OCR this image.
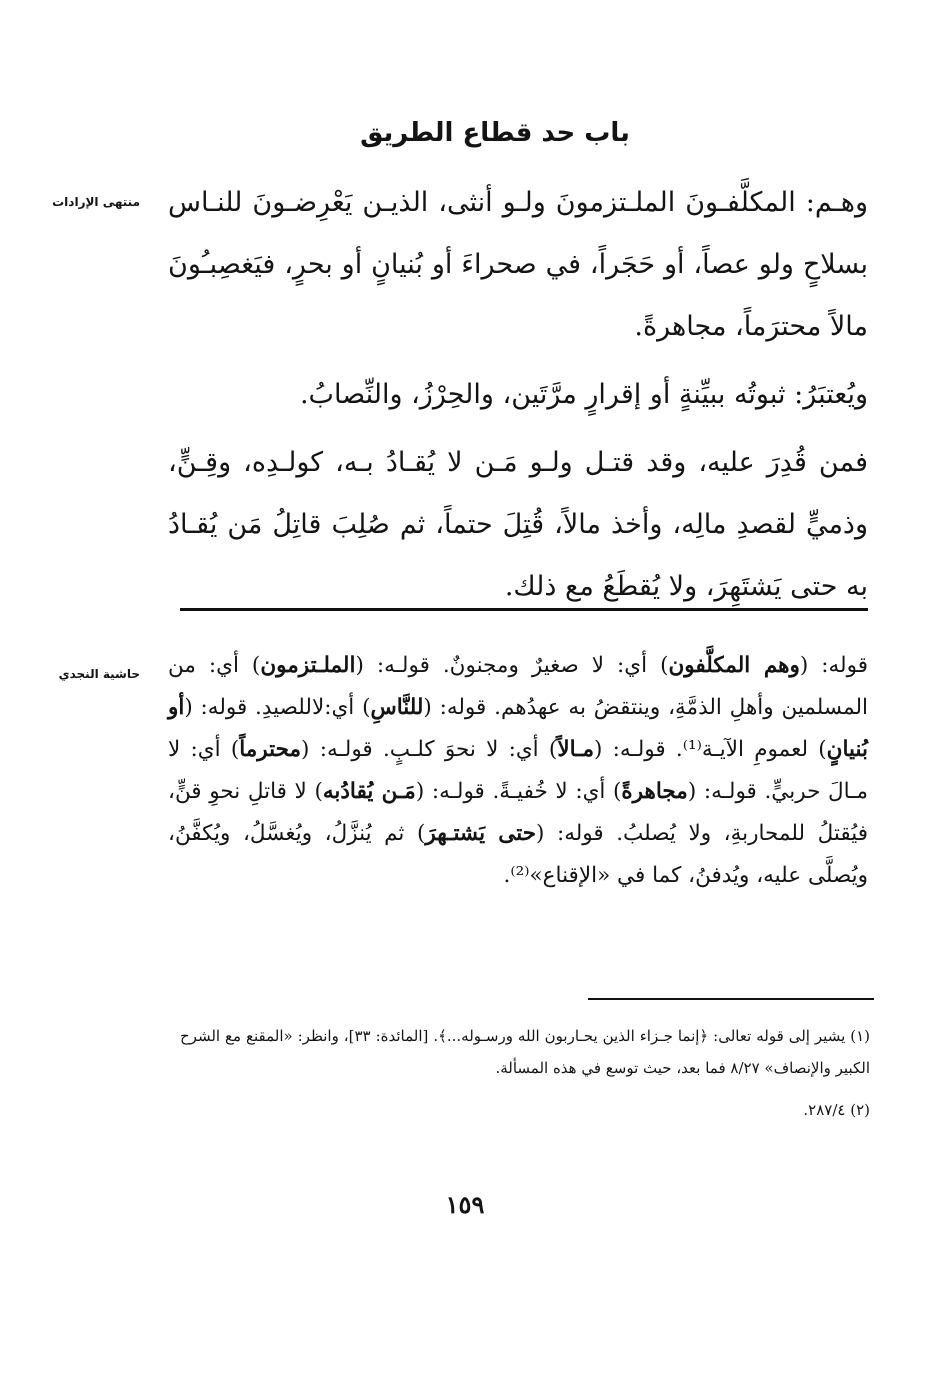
باب حد قطاع الطريق
منتهى الإرادات وهـم: المكلَّفـونَ الملـتزمونَ ولـو أنثى، الذيـن يَعْرِضـونَ للنـاس بسلاحٍ ولو عصاً، أو حَجَراً، في صحراءَ أو بُنيانٍ أو بحرٍ، فيَغصِبـُونَ مالاً محترَماً، مجاهرةً.

ويُعتبَرُ: ثبوتُه ببيِّنةٍ أو إقرارٍ مرَّتَين، والحِرْزُ، والنِّصابُ.

فمن قُدِرَ عليه، وقد قتـل ولـو مَـن لا يُقـادُ بـه، كولـدِه، وقِـنٍّ، وذميٍّ لقصدِ مالِه، وأخذ مالاً، قُتِلَ حتماً، ثم صُلِبَ قاتِلُ مَن يُقـادُ به حتى يَشتَهِرَ، ولا يُقطَعُ مع ذلك.

حاشية النجدي	قوله: (وهم المكلَّفون) أي: لا صغيرٌ ومجنونٌ. قولـه: (الملـتزمون) أي: من المسلمين وأهلِ الذمَّةِ، وينتقضُ به عهدُهم. قوله: (للنَّاسِ) أي:لاللصيدِ. قوله: (أو بُنيانٍ) لعمومِ الآيـة⁽¹⁾. قولـه: (مـالاً) أي: لا نحوَ كلـبٍ. قولـه: (محترماً) أي: لا مـالَ حربيٍّ. قولـه: (مجاهرةً) أي: لا خُفيـةً. قولـه: (مَـن يُقادُبه) لا قاتلِ نحوِ قنٍّ، فيُقتلُ للمحاربةِ، ولا يُصلبُ. قوله: (حتى يَشتـهرَ) ثم يُنزَّلُ، ويُغسَّلُ، ويُكفَّنُ، ويُصلَّى عليه، ويُدفنُ، كما في «الإقناع»⁽²⁾.

(١) يشير إلى قوله تعالى: ﴿إنما جـزاء الذين يحـاربون الله ورسـوله...﴾. [المائدة: ٣٣]، وانظر: «المقنع مع الشرح الكبير والإنصاف» ٨/٢٧ فما بعد، حيث توسع في هذه المسألة.

(٢) ٢٨٧/٤.

١٥٩
